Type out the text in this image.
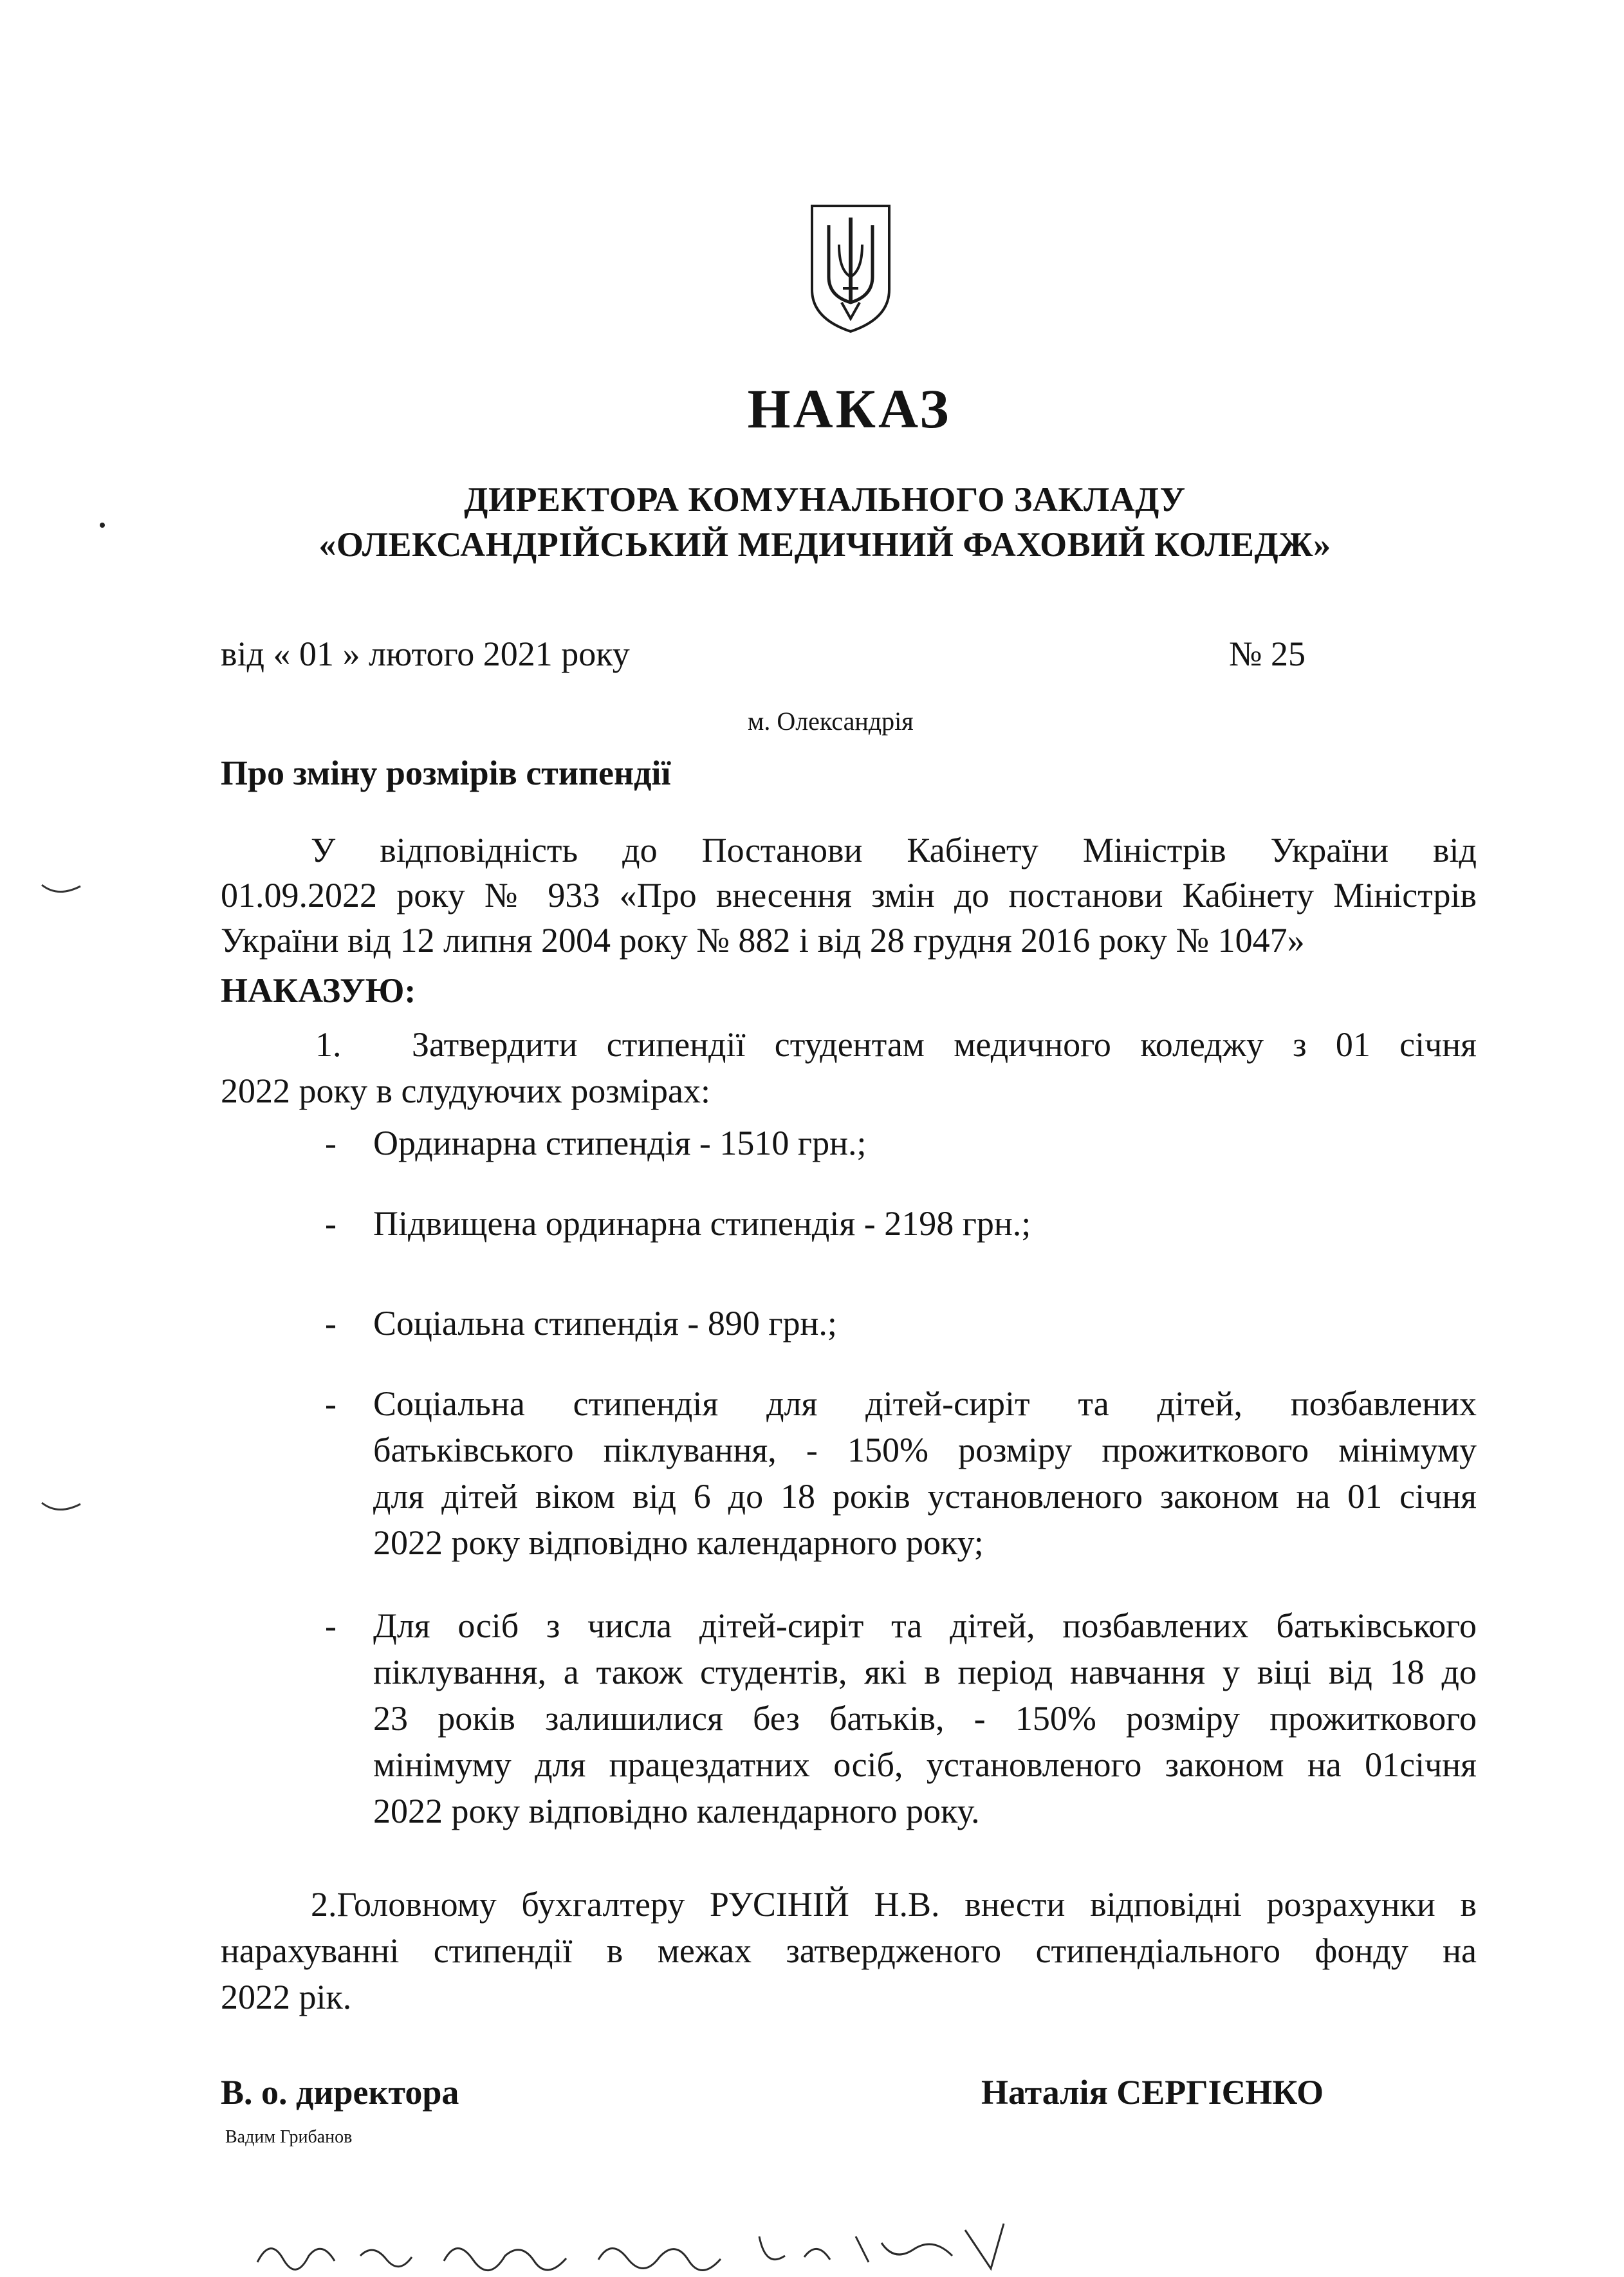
НАКАЗ
ДИРЕКТОРА КОМУНАЛЬНОГО ЗАКЛАДУ
«ОЛЕКСАНДРІЙСЬКИЙ МЕДИЧНИЙ ФАХОВИЙ КОЛЕДЖ»
від « 01 » лютого 2021 року	№ 25
м. Олександрія
Про зміну розмірів стипендії
У відповідність до Постанови Кабінету Міністрів України від
01.09.2022 року № 933 «Про внесення змін до постанови Кабінету Міністрів
України від 12 липня 2004 року № 882 і від 28 грудня 2016 року № 1047»
НАКАЗУЮ:
1. Затвердити стипендії студентам медичного коледжу з 01 січня
2022 року в слудуючих розмірах:
- Ординарна стипендія - 1510 грн.;
- Підвищена ординарна стипендія - 2198 грн.;
- Соціальна стипендія - 890 грн.;
- Соціальна стипендія для дітей-сиріт та дітей, позбавлених
батьківського піклування, - 150% розміру прожиткового мінімуму
для дітей віком від 6 до 18 років установленого законом на 01 січня
2022 року відповідно календарного року;
- Для осіб з числа дітей-сиріт та дітей, позбавлених батьківського
піклування, а також студентів, які в період навчання у віці від 18 до
23 років залишилися без батьків, - 150% розміру прожиткового
мінімуму для працездатних осіб, установленого законом на 01січня
2022 року відповідно календарного року.
2.Головному бухгалтеру РУСІНІЙ Н.В. внести відповідні розрахунки в
нарахуванні стипендії в межах затвердженого стипендіального фонду на
2022 рік.
В. о. директора	Наталія СЕРГІЄНКО
Вадим Грибанов
